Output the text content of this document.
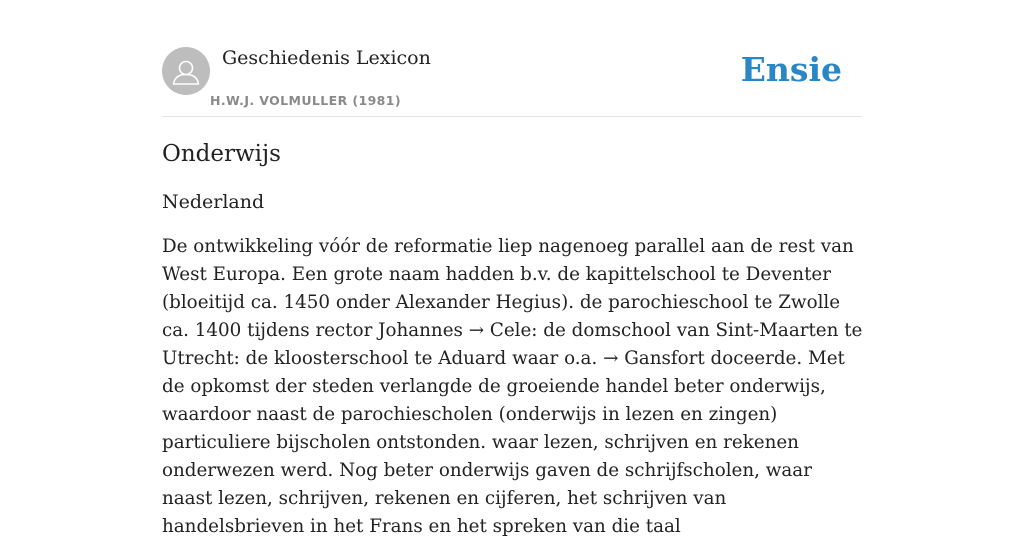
Geschiedenis Lexicon
H.W.J. VOLMULLER (1981)
Ensie
Onderwijs

Nederland

De ontwikkeling vóór de reformatie liep nagenoeg parallel aan de rest van West Europa. Een grote naam hadden b.v. de kapittelschool te Deventer (bloeitijd ca. 1450 onder Alexander Hegius). de parochieschool te Zwolle ca. 1400 tijdens rector Johannes → Cele: de domschool van Sint-Maarten te Utrecht: de kloosterschool te Aduard waar o.a. → Gansfort doceerde. Met de opkomst der steden verlangde de groeiende handel beter onderwijs, waardoor naast de parochiescholen (onderwijs in lezen en zingen) particuliere bijscholen ontstonden. waar lezen, schrijven en rekenen onderwezen werd. Nog beter onderwijs gaven de schrijfscholen, waar naast lezen, schrijven, rekenen en cijferen, het schrijven van handelsbrieven in het Frans en het spreken van die taal
